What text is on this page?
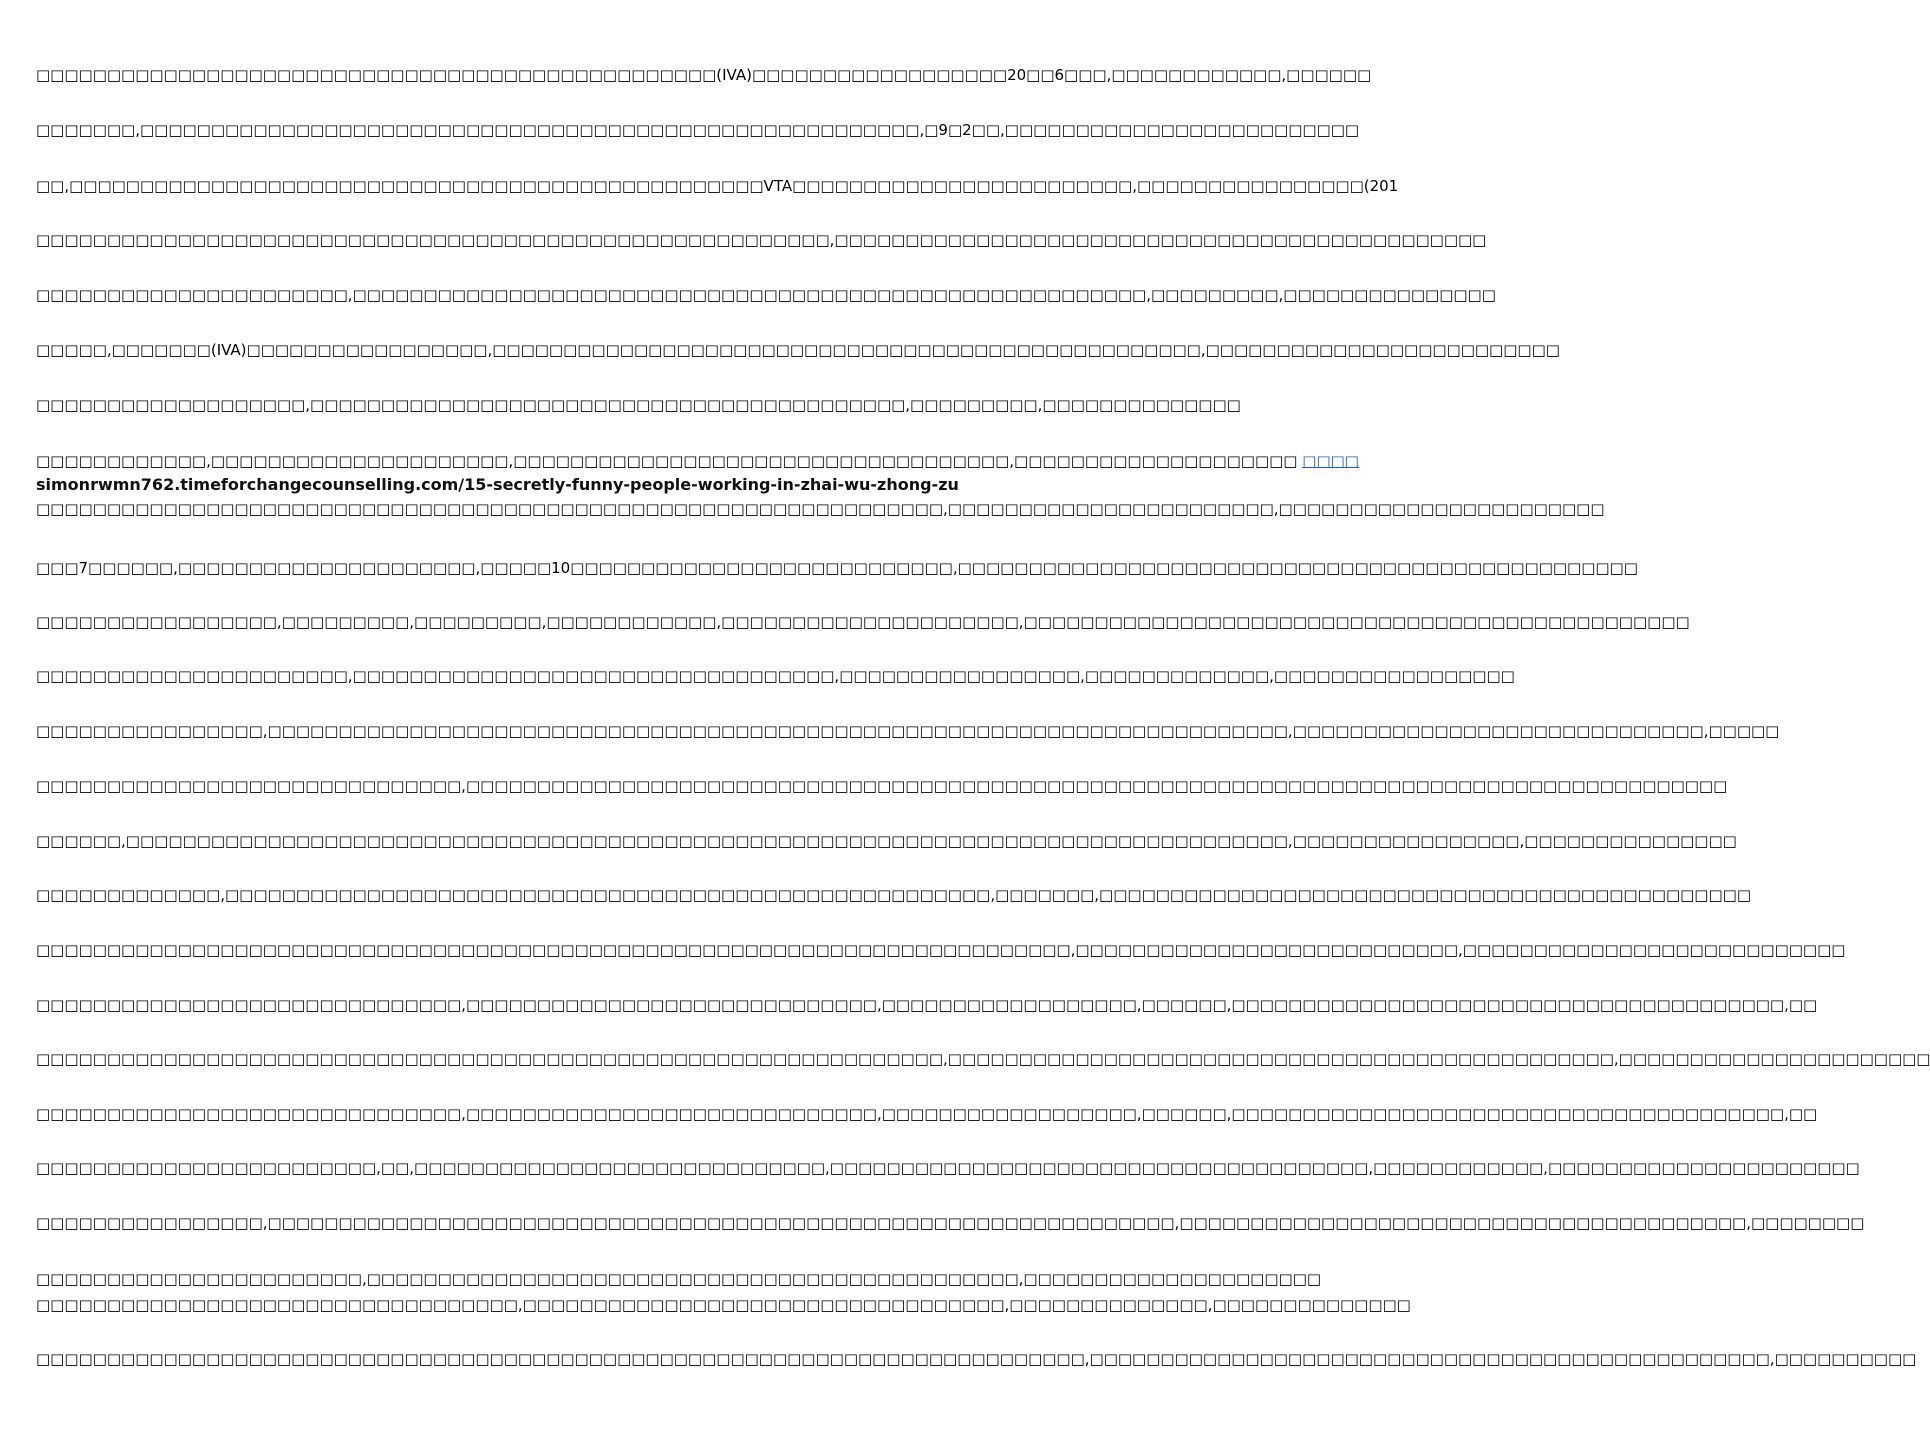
□□□□□□□□□□□□□□□□□□□□□□□□□□□□□□□□□□□□□□□□□□□□□□□□(IVA)□□□□□□□□□□□□□□□□□□20□□6□□□,□□□□□□□□□□□□,□□□□□□
□□□□□□□,□□□□□□□□□□□□□□□□□□□□□□□□□□□□□□□□□□□□□□□□□□□□□□□□□□□□□□□,□9□2□□,□□□□□□□□□□□□□□□□□□□□□□□□□
□□,□□□□□□□□□□□□□□□□□□□□□□□□□□□□□□□□□□□□□□□□□□□□□□□□□VTA□□□□□□□□□□□□□□□□□□□□□□□□,□□□□□□□□□□□□□□□□(201
□□□□□□□□□□□□□□□□□□□□□□□□□□□□□□□□□□□□□□□□□□□□□□□□□□□□□□□□,□□□□□□□□□□□□□□□□□□□□□□□□□□□□□□□□□□□□□□□□□□□□□□
□□□□□□□□□□□□□□□□□□□□□□,□□□□□□□□□□□□□□□□□□□□□□□□□□□□□□□□□□□□□□□□□□□□□□□□□□□□□□□□,□□□□□□□□□,□□□□□□□□□□□□□□□
□□□□□,□□□□□□□(IVA)□□□□□□□□□□□□□□□□□,□□□□□□□□□□□□□□□□□□□□□□□□□□□□□□□□□□□□□□□□□□□□□□□□□□,□□□□□□□□□□□□□□□□□□□□□□□□□
□□□□□□□□□□□□□□□□□□□,□□□□□□□□□□□□□□□□□□□□□□□□□□□□□□□□□□□□□□□□□□,□□□□□□□□□,□□□□□□□□□□□□□□
□□□□□□□□□□□□,□□□□□□□□□□□□□□□□□□□□□,□□□□□□□□□□□□□□□□□□□□□□□□□□□□□□□□□□□,□□□□□□□□□□□□□□□□□□□□ □□□□
simonrwmn762.timeforchangecounselling.com/15-secretly-funny-people-working-in-zhai-wu-zhong-zu
□□□□□□□□□□□□□□□□□□□□□□□□□□□□□□□□□□□□□□□□□□□□□□□□□□□□□□□□□□□□□□□□,□□□□□□□□□□□□□□□□□□□□□□□,□□□□□□□□□□□□□□□□□□□□□□□
□□□7□□□□□□,□□□□□□□□□□□□□□□□□□□□□,□□□□□10□□□□□□□□□□□□□□□□□□□□□□□□□□□,□□□□□□□□□□□□□□□□□□□□□□□□□□□□□□□□□□□□□□□□□□□□□□□□
□□□□□□□□□□□□□□□□□,□□□□□□□□□,□□□□□□□□□,□□□□□□□□□□□□,□□□□□□□□□□□□□□□□□□□□□,□□□□□□□□□□□□□□□□□□□□□□□□□□□□□□□□□□□□□□□□□□□□□□□
□□□□□□□□□□□□□□□□□□□□□□,□□□□□□□□□□□□□□□□□□□□□□□□□□□□□□□□□□,□□□□□□□□□□□□□□□□□,□□□□□□□□□□□□□,□□□□□□□□□□□□□□□□□
□□□□□□□□□□□□□□□□,□□□□□□□□□□□□□□□□□□□□□□□□□□□□□□□□□□□□□□□□□□□□□□□□□□□□□□□□□□□□□□□□□□□□□□□□,□□□□□□□□□□□□□□□□□□□□□□□□□□□□□,□□□□□
□□□□□□□□□□□□□□□□□□□□□□□□□□□□□□,□□□□□□□□□□□□□□□□□□□□□□□□□□□□□□□□□□□□□□□□□□□□□□□□□□□□□□□□□□□□□□□□□□□□□□□□□□□□□□□□□□□□□□□□□
□□□□□□,□□□□□□□□□□□□□□□□□□□□□□□□□□□□□□□□□□□□□□□□□□□□□□□□□□□□□□□□□□□□□□□□□□□□□□□□□□□□□□□□□□,□□□□□□□□□□□□□□□□,□□□□□□□□□□□□□□□
□□□□□□□□□□□□□,□□□□□□□□□□□□□□□□□□□□□□□□□□□□□□□□□□□□□□□□□□□□□□□□□□□□□□,□□□□□□□,□□□□□□□□□□□□□□□□□□□□□□□□□□□□□□□□□□□□□□□□□□□□□□
□□□□□□□□□□□□□□□□□□□□□□□□□□□□□□□□□□□□□□□□□□□□□□□□□□□□□□□□□□□□□□□□□□□□□□□□□,□□□□□□□□□□□□□□□□□□□□□□□□□□□,□□□□□□□□□□□□□□□□□□□□□□□□□□□
□□□□□□□□□□□□□□□□□□□□□□□□□□□□□□,□□□□□□□□□□□□□□□□□□□□□□□□□□□□□,□□□□□□□□□□□□□□□□□□,□□□□□□,□□□□□□□□□□□□□□□□□□□□□□□□□□□□□□□□□□□□□□□,□□
□□□□□□□□□□□□□□□□□□□□□□□□□□□□□□□□□□□□□□□□□□□□□□□□□□□□□□□□□□□□□□□□,□□□□□□□□□□□□□□□□□□□□□□□□□□□□□□□□□□□□□□□□□□□□□□□,□□□□□□□□□□□□□□□□□□□□□□
□□□□□□□□□□□□□□□□□□□□□□□□□□□□□□,□□□□□□□□□□□□□□□□□□□□□□□□□□□□□,□□□□□□□□□□□□□□□□□□,□□□□□□,□□□□□□□□□□□□□□□□□□□□□□□□□□□□□□□□□□□□□□□,□□
□□□□□□□□□□□□□□□□□□□□□□□□,□□,□□□□□□□□□□□□□□□□□□□□□□□□□□□□□,□□□□□□□□□□□□□□□□□□□□□□□□□□□□□□□□□□□□□□,□□□□□□□□□□□□,□□□□□□□□□□□□□□□□□□□□□□
□□□□□□□□□□□□□□□□,□□□□□□□□□□□□□□□□□□□□□□□□□□□□□□□□□□□□□□□□□□□□□□□□□□□□□□□□□□□□□□□□,□□□□□□□□□□□□□□□□□□□□□□□□□□□□□□□□□□□□□□□□,□□□□□□□□
□□□□□□□□□□□□□□□□□□□□□□□,□□□□□□□□□□□□□□□□□□□□□□□□□□□□□□□□□□□□□□□□□□□□□□,□□□□□□□□□□□□□□□□□□□□□
□□□□□□□□□□□□□□□□□□□□□□□□□□□□□□□□□□,□□□□□□□□□□□□□□□□□□□□□□□□□□□□□□□□□□,□□□□□□□□□□□□□□,□□□□□□□□□□□□□□
□□□□□□□□□□□□□□□□□□□□□□□□□□□□□□□□□□□□□□□□□□□□□□□□□□□□□□□□□□□□□□□□□□□□□□□□□□,□□□□□□□□□□□□□□□□□□□□□□□□□□□□□□□□□□□□□□□□□□□□□□□□,□□□□□□□□□□
